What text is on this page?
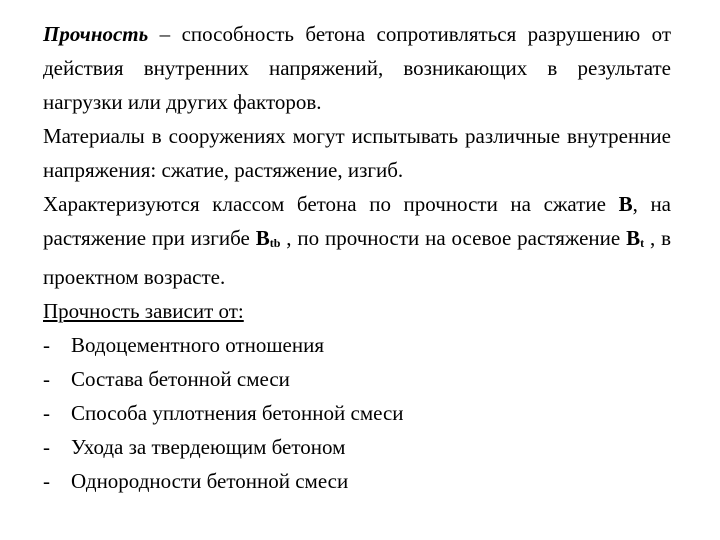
Прочность – способность бетона сопротивляться разрушению от действия внутренних напряжений, возникающих в результате нагрузки или других факторов.

Материалы в сооружениях могут испытывать различные внутренние напряжения: сжатие, растяжение, изгиб.

Характеризуются классом бетона по прочности на сжатие В, на растяжение при изгибе Вtb , по прочности на осевое растяжение Вt , в проектном возрасте.

Прочность зависит от:

-	Водоцементного отношения
-	Состава бетонной смеси
-	Способа уплотнения бетонной смеси
-	Ухода за твердеющим бетоном
-	Однородности бетонной смеси
